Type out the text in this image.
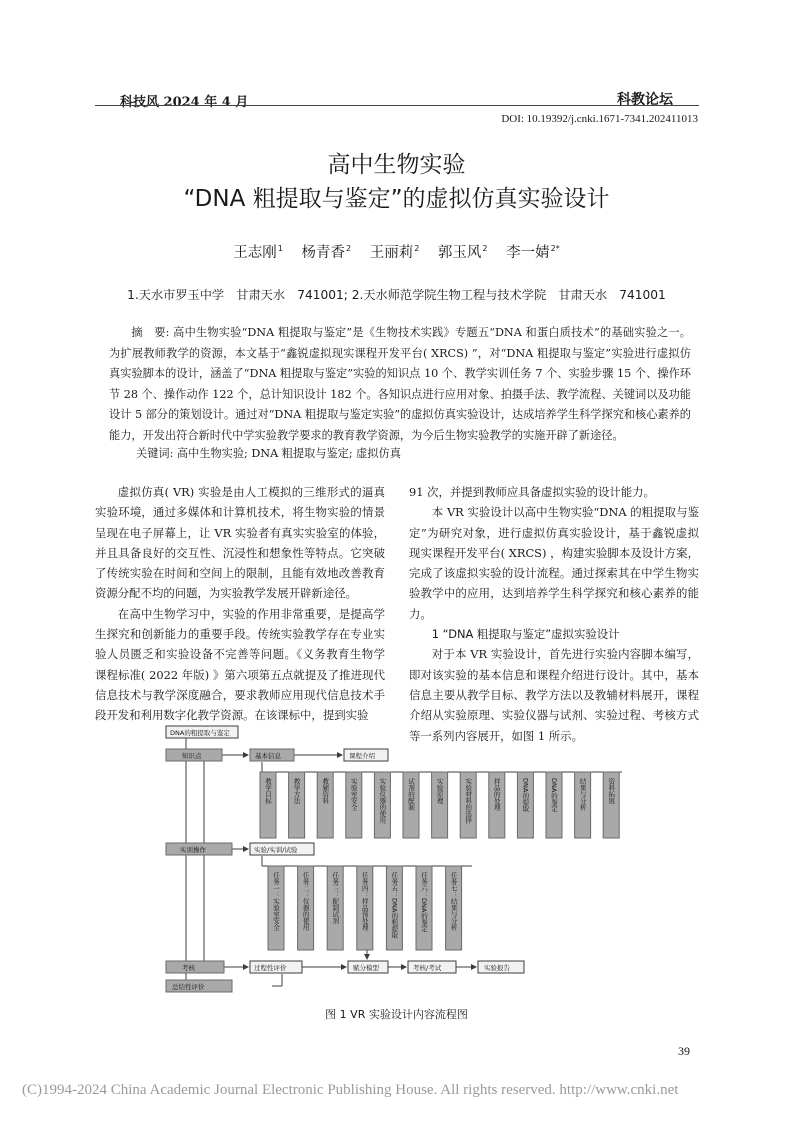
科技风 2024 年 4 月	科教论坛
DOI: 10.19392/j.cnki.1671-7341.202411013
高中生物实验
“DNA 粗提取与鉴定”的虚拟仿真实验设计
王志刚$^1$ 杨青香$^2$ 王丽莉$^2$ 郭玉风$^2$ 李一婧$^{2*}$
1.天水市罗玉中学　甘肃天水　741001; 2.天水师范学院生物工程与技术学院　甘肃天水　741001

摘　要: 高中生物实验“DNA 粗提取与鉴定”是《生物技术实践》专题五“DNA 和蛋白质技术”的基础实验之一。为扩展教师教学的资源，本文基于“鑫锐虚拟现实课程开发平台( XRCS) ”，对“DNA 粗提取与鉴定”实验进行虚拟仿真实验脚本的设计，涵盖了“DNA 粗提取与鉴定”实验的知识点 10 个、教学实训任务 7 个、实验步骤 15 个、操作环节 28 个、操作动作 122 个，总计知识设计 182 个。各知识点进行应用对象、拍摄手法、教学流程、关键词以及功能设计 5 部分的策划设计。通过对“DNA 粗提取与鉴定实验”的虚拟仿真实验设计，达成培养学生科学探究和核心素养的能力，开发出符合新时代中学实验教学要求的教育教学资源，为今后生物实验教学的实施开辟了新途径。

关键词: 高中生物实验; DNA 粗提取与鉴定; 虚拟仿真

虚拟仿真( VR) 实验是由人工模拟的三维形式的逼真实验环境，通过多媒体和计算机技术，将生物实验的情景呈现在电子屏幕上，让 VR 实验者有真实实验室的体验，并且具备良好的交互性、沉浸性和想象性等特点。它突破了传统实验在时间和空间上的限制，且能有效地改善教育资源分配不均的问题，为实验教学发展开辟新途径。

在高中生物学习中，实验的作用非常重要，是提高学生探究和创新能力的重要手段。传统实验教学存在专业实验人员匮乏和实验设备不完善等问题。《义务教育生物学课程标准( 2022 年版) 》第六项第五点就提及了推进现代信息技术与教学深度融合，要求教师应用现代信息技术手段开发和利用数字化教学资源。在该课标中，提到实验

91 次，并提到教师应具备虚拟实验的设计能力。

本 VR 实验设计以高中生物实验“DNA 的粗提取与鉴定”为研究对象，进行虚拟仿真实验设计，基于鑫锐虚拟现实课程开发平台( XRCS) ，构建实验脚本及设计方案，完成了该虚拟实验的设计流程。通过探索其在中学生物实验教学中的应用，达到培养学生科学探究和核心素养的能力。

1 “DNA 粗提取与鉴定”虚拟实验设计

对于本 VR 实验设计，首先进行实验内容脚本编写，即对该实验的基本信息和课程介绍进行设计。其中，基本信息主要从教学目标、教学方法以及教辅材料展开，课程介绍从实验原理、实验仪器与试剂、实验过程、考核方式等一系列内容展开，如图 1 所示。

DNA的粗提取与鉴定
知识点	基本信息	课程介绍
教学目标	教学方法	教辅资料	实验室安全	实验仪器的使用	试剂的配制	实验原理	实验材料的选择	样品的处理	DNA的提取	DNA的鉴定	结果与分析	资料拓展
实训操作	实验/实训/试验
任务一：实验室安全	任务二：仪器的使用	任务三：配制试剂	任务四：样品预处理	任务五：DNA的粗提取	任务六：DNA的鉴定	任务七：结果与分析
考核	过程性评价	赋分模型	考核/考试	实验报告
总结性评价
图 1 VR 实验设计内容流程图
39
(C)1994-2024 China Academic Journal Electronic Publishing House. All rights reserved. http://www.cnki.net
